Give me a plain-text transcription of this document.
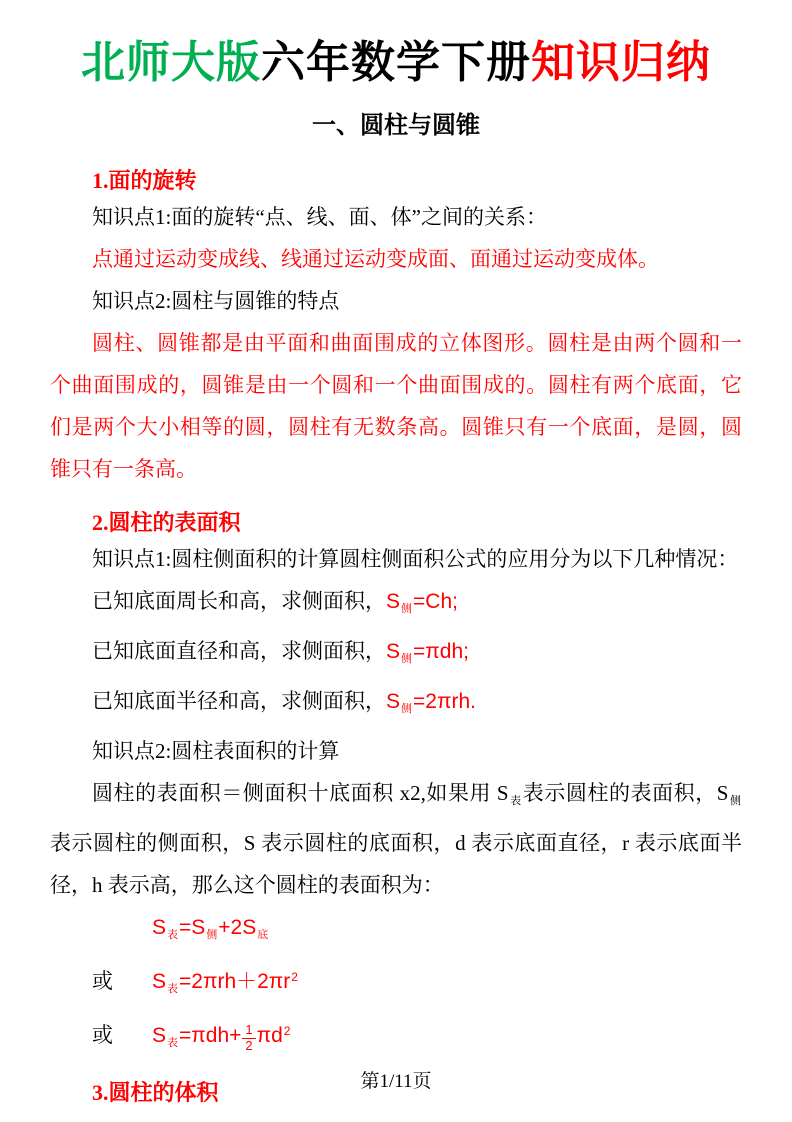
北师大版六年数学下册知识归纳
一、圆柱与圆锥
1.面的旋转

知识点1:面的旋转“点、线、面、体”之间的关系：

点通过运动变成线、线通过运动变成面、面通过运动变成体。

知识点2:圆柱与圆锥的特点

圆柱、圆锥都是由平面和曲面围成的立体图形。圆柱是由两个圆和一个曲面围成的，圆锥是由一个圆和一个曲面围成的。圆柱有两个底面，它们是两个大小相等的圆，圆柱有无数条高。圆锥只有一个底面，是圆，圆锥只有一条高。

2.圆柱的表面积

知识点1:圆柱侧面积的计算圆柱侧面积公式的应用分为以下几种情况：

已知底面周长和高，求侧面积，$S_侧=Ch$;

已知底面直径和高，求侧面积，$S_侧=\pi dh$;

已知底面半径和高，求侧面积，$S_侧=2\pi rh$.

知识点2:圆柱表面积的计算

圆柱的表面积＝侧面积十底面积 x2,如果用 $S_表$表示圆柱的表面积，$S_侧$表示圆柱的侧面积，S 表示圆柱的底面积，d 表示底面直径，r 表示底面半径，h 表示高，那么这个圆柱的表面积为：

$S_表=S_侧+2S_底$

或 $S_表=2\pi rh+2\pi r^2$

或 $S_表=\pi dh+ \frac{1}{2} \pi d^2$

3.圆柱的体积	第1/11页
